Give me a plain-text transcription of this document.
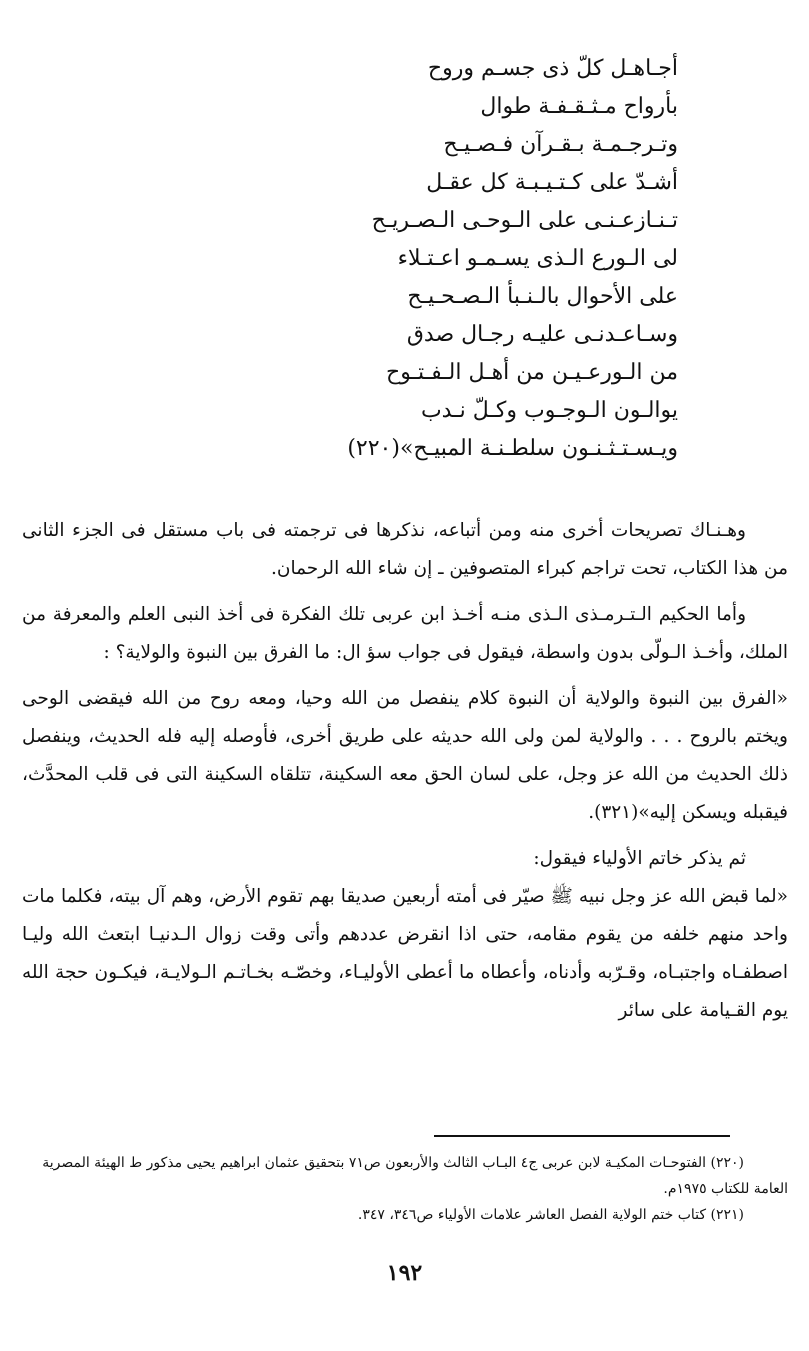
أجـاهـل كلّ ذى جسـم وروح
بأرواح مـثـقـفـة طوال
وتـرجـمـة بـقـرآن فـصـيـح
أشـدّ على كـتـيـبـة كل عقـل
تـنـازعـنـى على الـوحـى الـصـريـح
لى الـورع الـذى يسـمـو اعـتـلاء
على الأحوال بالـنـبأ الـصـحـيـح
وسـاعـدنـى عليـه رجـال صدق
من الـورعـيـن من أهـل الـفـتـوح
يوالـون الـوجـوب وكـلّ نـدب
ويـسـتـثـنـون سلطـنـة المبيـح»(٢٢٠)

وهـنـاك تصريحات أخرى منه ومن أتباعه، نذكرها فى ترجمته فى باب مستقل فى الجزء الثانى من هذا الكتاب، تحت تراجم كبراء المتصوفين ـ إن شاء الله الرحمان.

وأما الحكيم الـتـرمـذى الـذى منـه أخـذ ابن عربى تلك الفكرة فى أخذ النبى العلم والمعرفة من الملك، وأخـذ الـولّى بدون واسطة، فيقول فى جواب سؤ ال: ما الفرق بين النبوة والولاية؟ :

«الفرق بين النبوة والولاية أن النبوة كلام ينفصل من الله وحيا، ومعه روح من الله فيقضى الوحى ويختم بالروح . . . والولاية لمن ولى الله حديثه على طريق أخرى، فأوصله إليه فله الحديث، وينفصل ذلك الحديث من الله عز وجل، على لسان الحق معه السكينة، تتلقاه السكينة التى فى قلب المحدَّث، فيقبله ويسكن إليه»(٣٢١).

ثم يذكر خاتم الأولياء فيقول:

«لما قبض الله عز وجل نبيه ﷺ صيّر فى أمته أربعين صديقا بهم تقوم الأرض، وهم آل بيته، فكلما مات واحد منهم خلفه من يقوم مقامه، حتى اذا انقرض عددهم وأتى وقت زوال الـدنيـا ابتعث الله وليـا اصطفـاه واجتبـاه، وقـرّبه وأدناه، وأعطاه ما أعطى الأوليـاء، وخصّـه بخـاتـم الـولايـة، فيكـون حجة الله يوم القـيامة على سائر

(٢٢٠) الفتوحـات المكيـة لابن عربى ج٤ البـاب الثالث والأربعون ص٧١ بتحقيق عثمان ابراهيم يحيى مذكور ط الهيئة المصرية العامة للكتاب ١٩٧٥م.

(٢٢١) كتاب ختم الولاية الفصل العاشر علامات الأولياء ص٣٤٦، ٣٤٧.

١٩٢
